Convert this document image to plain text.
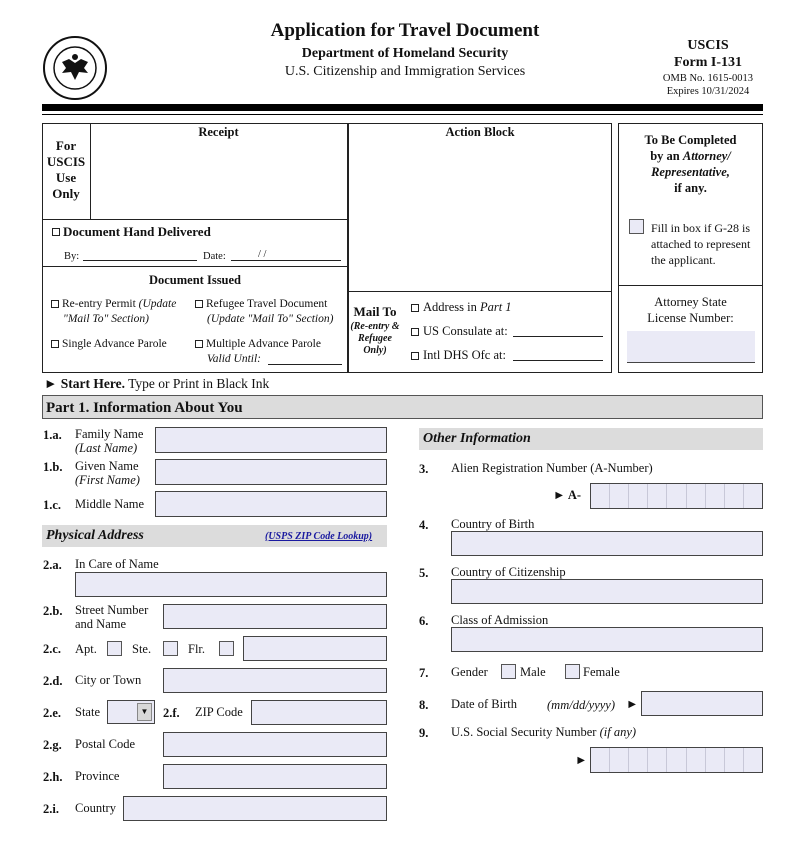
Application for Travel Document
Department of Homeland Security
U.S. Citizenship and Immigration Services
USCIS
Form I-131
OMB No. 1615-0013
Expires 10/31/2024
For
USCIS
Use
Only
Receipt	Action Block
Document Hand Delivered
By:	Date:	/ /
Document Issued
Re-entry Permit (Update
"Mail To" Section)
Refugee Travel Document
(Update "Mail To" Section)
Single Advance Parole	Multiple Advance Parole
Valid Until:
Mail To
(Re-entry &
Refugee
Only)
Address in Part 1
US Consulate at:
Intl DHS Ofc at:
To Be Completed
by an Attorney/
Representative,
if any.
Fill in box if G-28 is
attached to represent
the applicant.
Attorney State
License Number:
► Start Here. Type or Print in Black Ink
Part 1. Information About You
1.a. Family Name
(Last Name)
1.b. Given Name
(First Name)
1.c. Middle Name
Physical Address	(USPS ZIP Code Lookup)
2.a. In Care of Name
2.b. Street Number
and Name
2.c. Apt.	Ste.	Flr.
2.d. City or Town
2.e. State	▼ 2.f. ZIP Code
2.g. Postal Code
2.h. Province
2.i. Country
Other Information
3. Alien Registration Number (A-Number)
► A-
4. Country of Birth
5. Country of Citizenship
6. Class of Admission
7. Gender	Male	Female
8. Date of Birth (mm/dd/yyyy) ►
9. U.S. Social Security Number (if any)
►
